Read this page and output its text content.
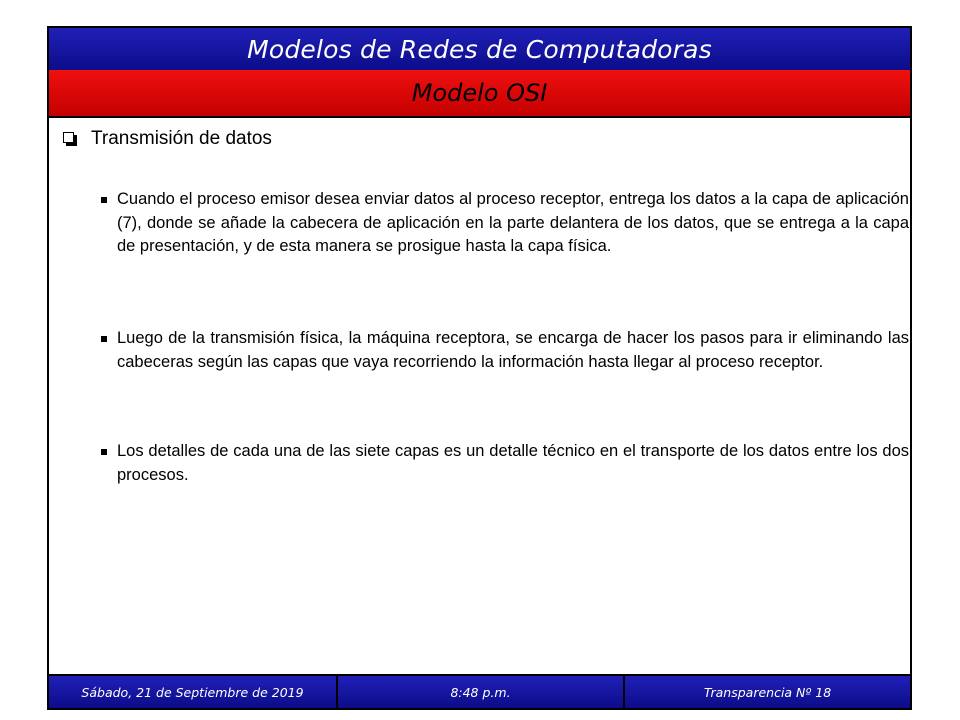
Modelos de Redes de Computadoras
Modelo OSI
Transmisión de datos
Cuando el proceso emisor desea enviar datos al proceso receptor, entrega los datos a la capa de aplicación (7), donde se añade la cabecera de aplicación en la parte delantera de los datos, que se entrega a la capa de presentación, y de esta manera se prosigue hasta la capa física.
Luego de la transmisión física, la máquina receptora, se encarga de hacer los pasos para ir eliminando las cabeceras según las capas que vaya recorriendo la información hasta llegar al proceso receptor.
Los detalles de cada una de las siete capas es un detalle técnico en el transporte de los datos entre los dos procesos.
Sábado, 21 de Septiembre de 2019	8:48 p.m.	Transparencia Nº 18
